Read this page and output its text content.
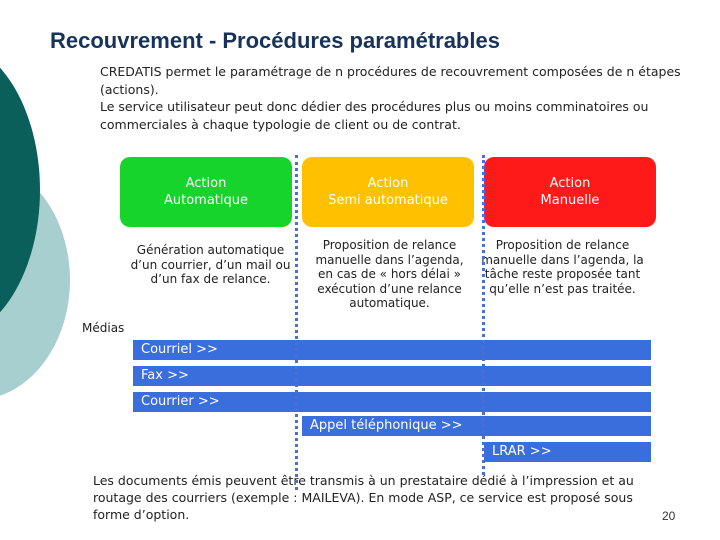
Recouvrement - Procédures paramétrables

CREDATIS permet le paramétrage de n procédures de recouvrement composées de n étapes (actions).

Le service utilisateur peut donc dédier des procédures plus ou moins comminatoires ou commerciales à chaque typologie de client ou de contrat.

Action
Automatique
Action
Semi automatique
Action
Manuelle
Génération automatique d’un courrier, d’un mail ou d’un fax de relance.
Proposition de relance manuelle dans l’agenda, en cas de « hors délai » exécution d’une relance automatique.
Proposition de relance manuelle dans l’agenda, la tâche reste proposée tant qu’elle n’est pas traitée.
Médias
Courriel >>
Fax >>
Courrier >>
Appel téléphonique >>
LRAR >>
Les documents émis peuvent être transmis à un prestataire dédié à l’impression et au routage des courriers (exemple : MAILEVA). En mode ASP, ce service est proposé sous forme d’option.	20
